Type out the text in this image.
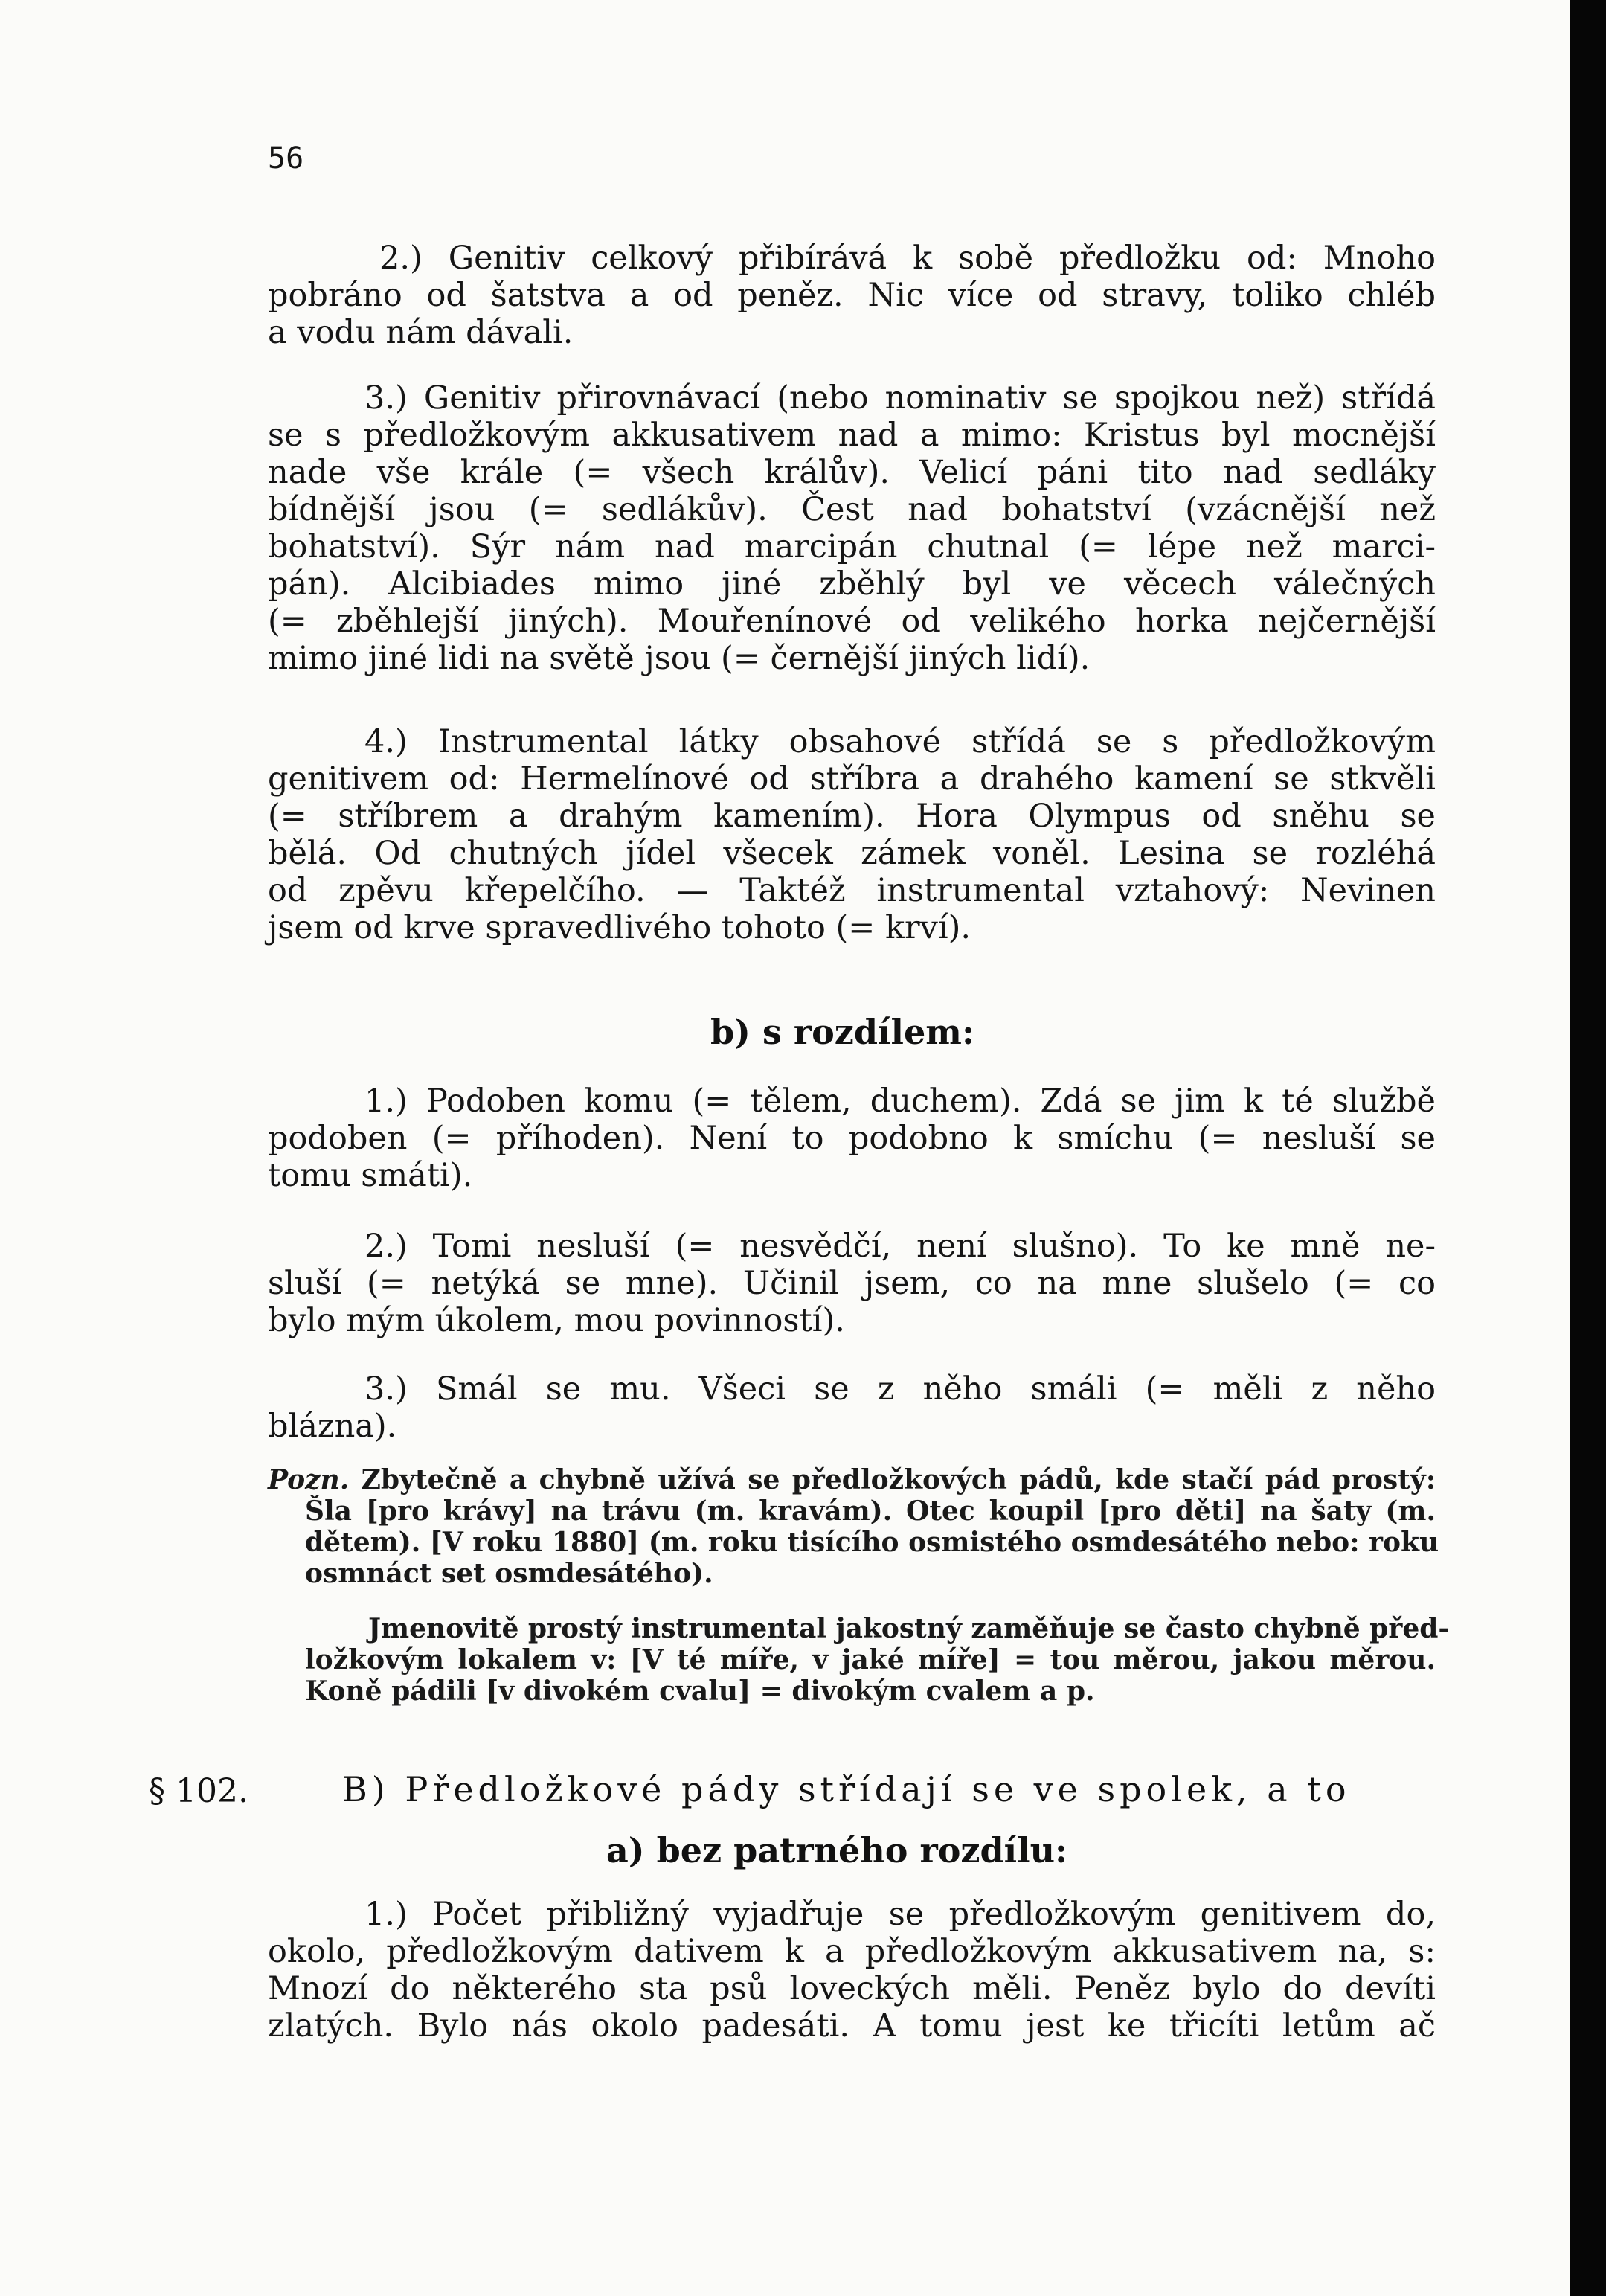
56
2.) Genitiv celkový přibírává k sobě předložku od: Mnoho
pobráno od šatstva a od peněz. Nic více od stravy, toliko chléb
a vodu nám dávali.
3.) Genitiv přirovnávací (nebo nominativ se spojkou než) střídá
se s předložkovým akkusativem nad a mimo: Kristus byl mocnější
nade vše krále (= všech králův). Velicí páni tito nad sedláky
bídnější jsou (= sedlákův). Čest nad bohatství (vzácnější než
bohatství). Sýr nám nad marcipán chutnal (= lépe než marci-
pán). Alcibiades mimo jiné zběhlý byl ve věcech válečných
(= zběhlejší jiných). Mouřenínové od velikého horka nejčernější
mimo jiné lidi na světě jsou (= černější jiných lidí).
4.) Instrumental látky obsahové střídá se s předložkovým
genitivem od: Hermelínové od stříbra a drahého kamení se stkvěli
(= stříbrem a drahým kamením). Hora Olympus od sněhu se
bělá. Od chutných jídel všecek zámek voněl. Lesina se rozléhá
od zpěvu křepelčího. — Taktéž instrumental vztahový: Nevinen
jsem od krve spravedlivého tohoto (= krví).
b) s rozdílem:
1.) Podoben komu (= tělem, duchem). Zdá se jim k té službě
podoben (= příhoden). Není to podobno k smíchu (= nesluší se
tomu smáti).
2.) Tomi nesluší (= nesvědčí, není slušno). To ke mně ne-
sluší (= netýká se mne). Učinil jsem, co na mne slušelo (= co
bylo mým úkolem, mou povinností).
3.) Smál se mu. Všeci se z něho smáli (= měli z něho
blázna).
Pozn. Zbytečně a chybně užívá se předložkových pádů, kde stačí pád prostý:
Šla [pro krávy] na trávu (m. kravám). Otec koupil [pro děti] na šaty (m.
dětem). [V roku 1880] (m. roku tisícího osmistého osmdesátého nebo: roku
osmnáct set osmdesátého).
Jmenovitě prostý instrumental jakostný zaměňuje se často chybně před-
ložkovým lokalem v: [V té míře, v jaké míře] = tou měrou, jakou měrou.
Koně pádili [v divokém cvalu] = divokým cvalem a p.
§ 102.	B) Předložkové pády střídají se ve spolek, a to
a) bez patrného rozdílu:
1.) Počet přibližný vyjadřuje se předložkovým genitivem do,
okolo, předložkovým dativem k a předložkovým akkusativem na, s:
Mnozí do některého sta psů loveckých měli. Peněz bylo do devíti
zlatých. Bylo nás okolo padesáti. A tomu jest ke třicíti letům ač
